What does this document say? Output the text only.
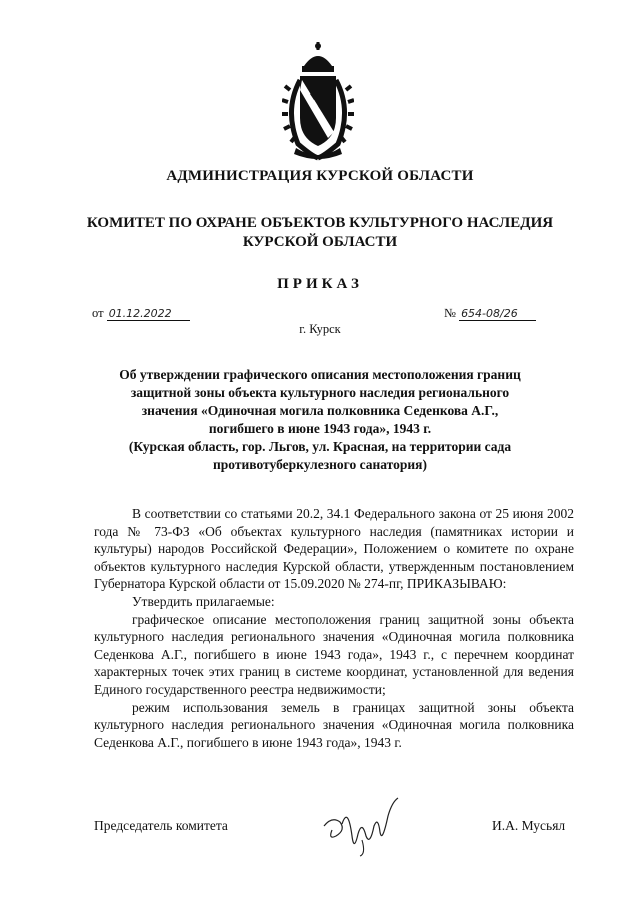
АДМИНИСТРАЦИЯ КУРСКОЙ ОБЛАСТИ
КОМИТЕТ ПО ОХРАНЕ ОБЪЕКТОВ КУЛЬТУРНОГО НАСЛЕДИЯ
КУРСКОЙ ОБЛАСТИ
ПРИКАЗ
от 01.12.2022	№ 654-08/26
г. Курск
Об утверждении графического описания местоположения границ
защитной зоны объекта культурного наследия регионального
значения «Одиночная могила полковника Седенкова А.Г.,
погибшего в июне 1943 года», 1943 г.
(Курская область, гор. Льгов, ул. Красная, на территории сада
противотуберкулезного санатория)

В соответствии со статьями 20.2, 34.1 Федерального закона от 25 июня 2002 года № 73-ФЗ «Об объектах культурного наследия (памятниках истории и культуры) народов Российской Федерации», Положением о комитете по охране объектов культурного наследия Курской области, утвержденным постановлением Губернатора Курской области от 15.09.2020 № 274-пг, ПРИКАЗЫВАЮ:

Утвердить прилагаемые:

графическое описание местоположения границ защитной зоны объекта культурного наследия регионального значения «Одиночная могила полковника Седенкова А.Г., погибшего в июне 1943 года», 1943 г., с перечнем координат характерных точек этих границ в системе координат, установленной для ведения Единого государственного реестра недвижимости;

режим использования земель в границах защитной зоны объекта культурного наследия регионального значения «Одиночная могила полковника Седенкова А.Г., погибшего в июне 1943 года», 1943 г.

Председатель комитета	И.А. Мусьял
